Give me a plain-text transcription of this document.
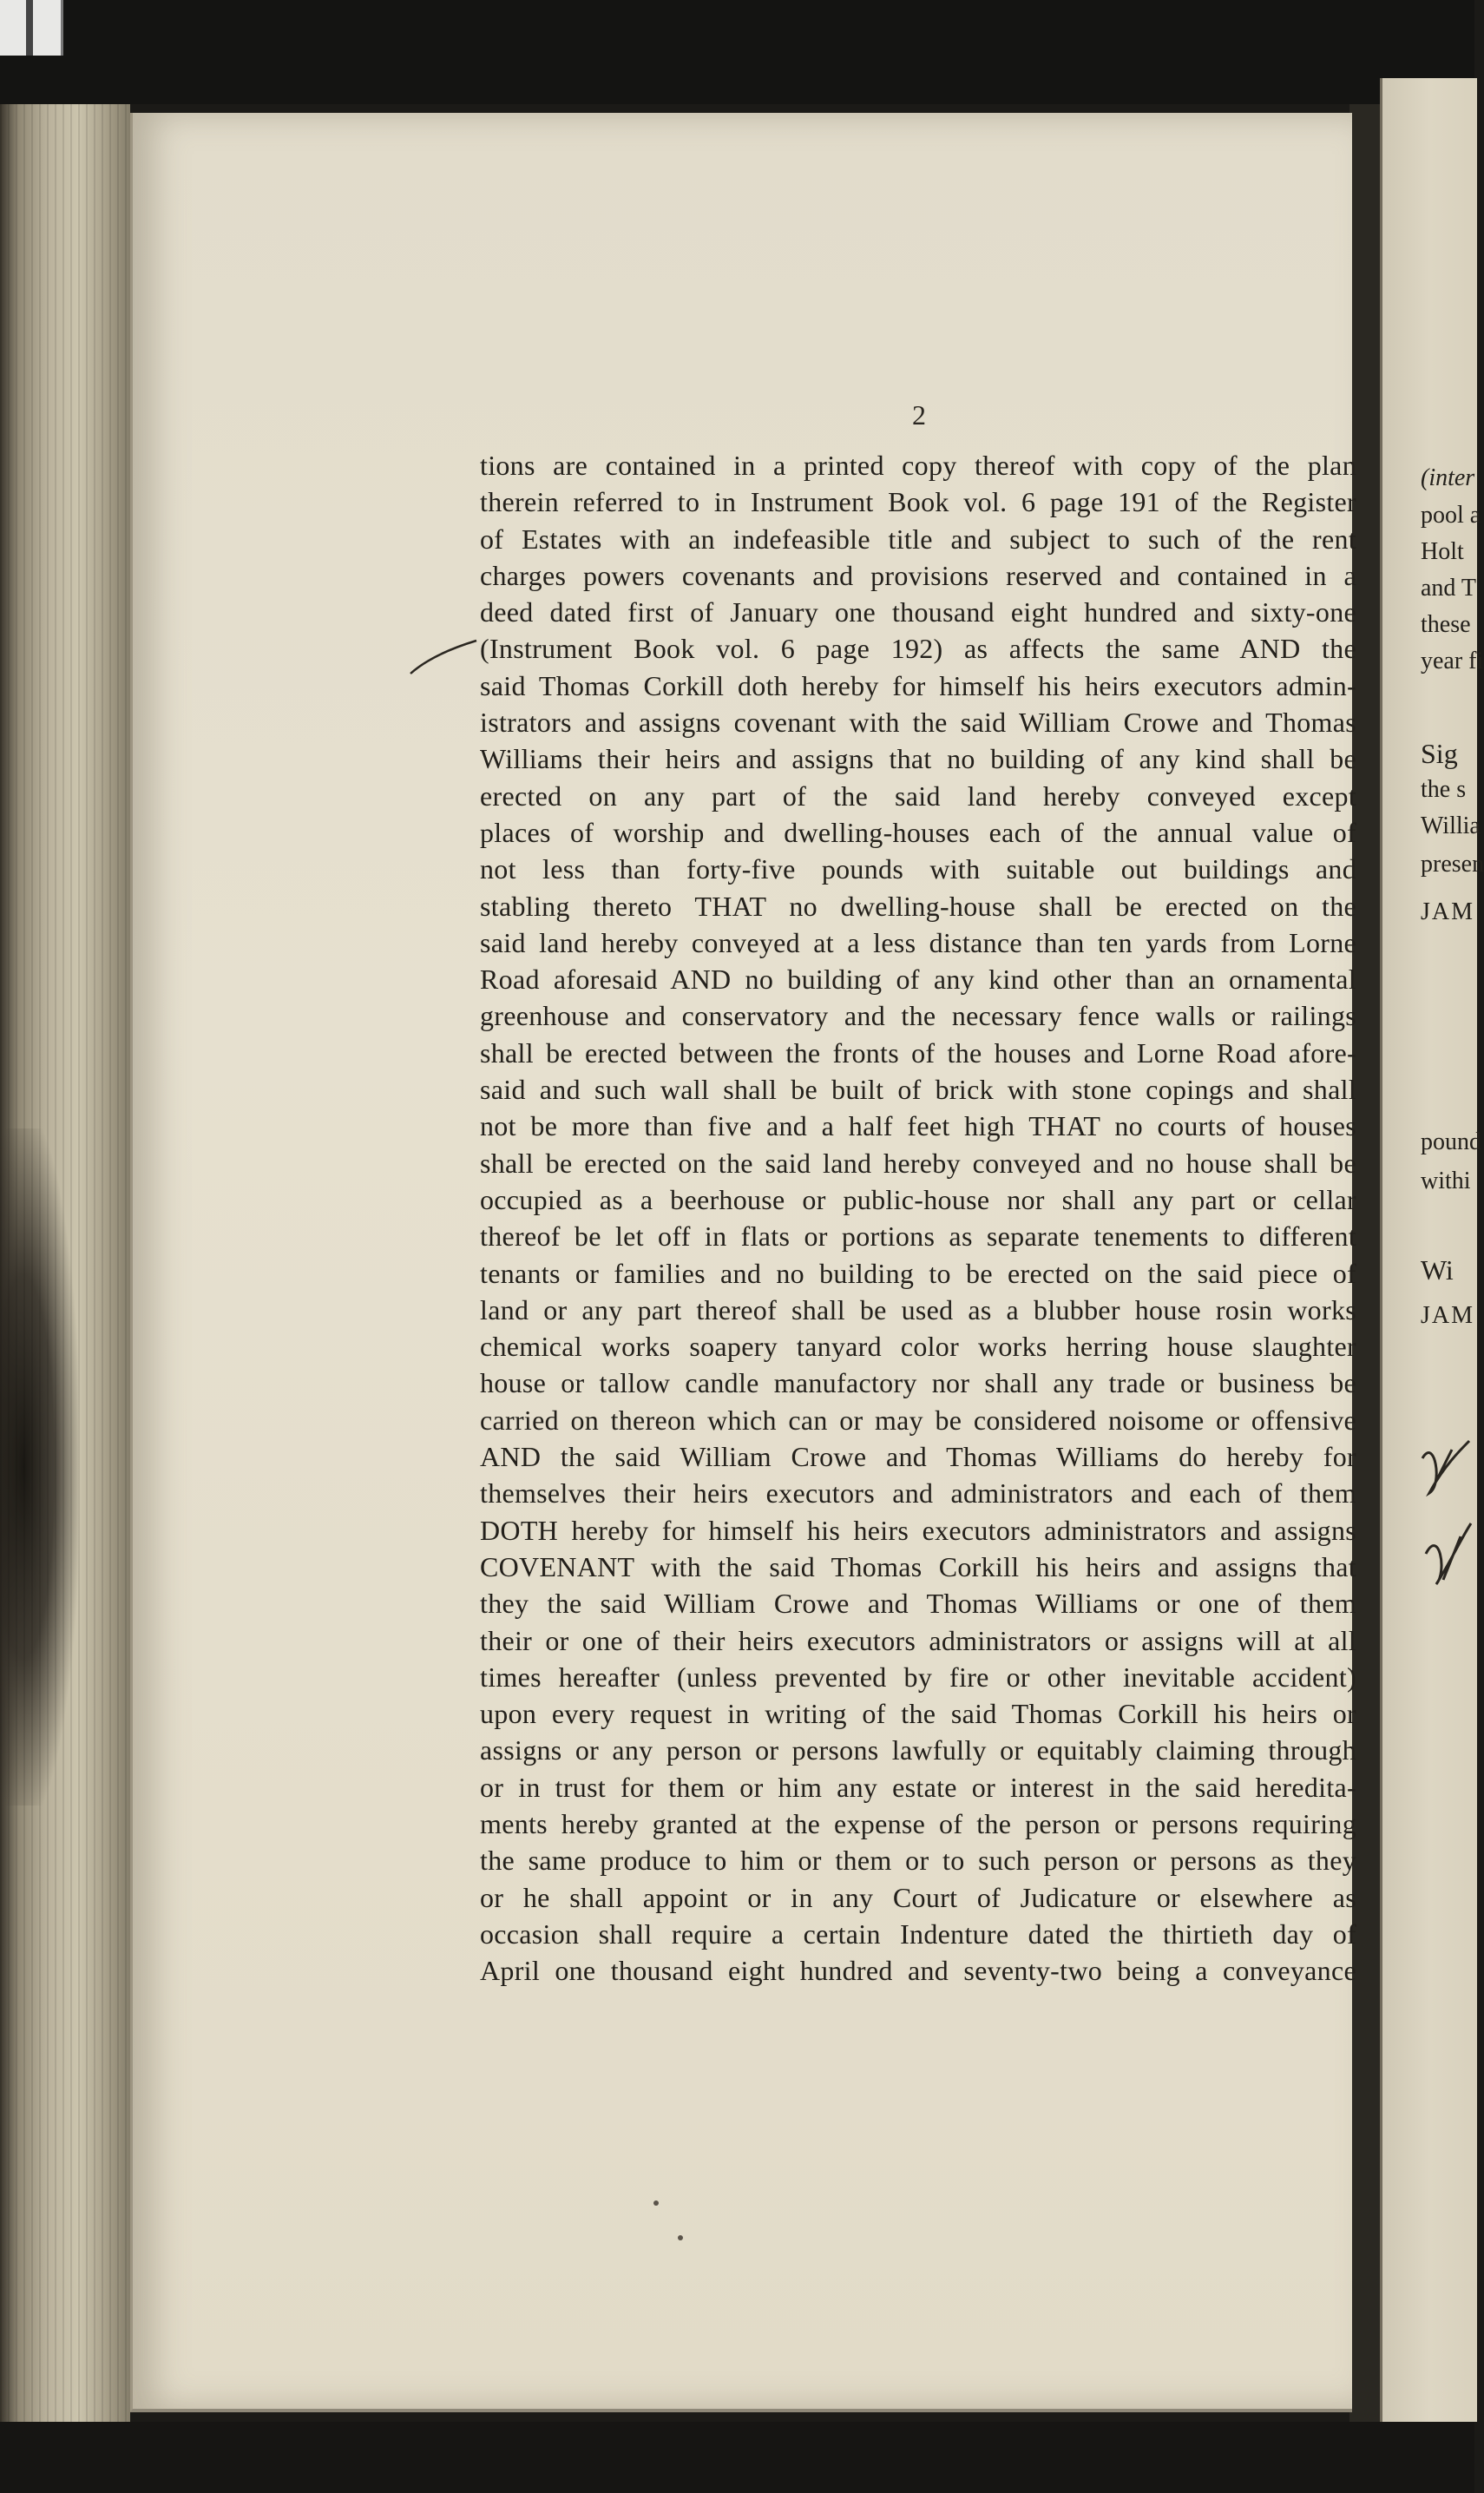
2
tions are contained in a printed copy thereof with copy of the plan
therein referred to in Instrument Book vol. 6 page 191 of the Register
of Estates with an indefeasible title and subject to such of the rent
charges powers covenants and provisions reserved and contained in a
deed dated first of January one thousand eight hundred and sixty-one
(Instrument Book vol. 6 page 192) as affects the same AND the
said Thomas Corkill doth hereby for himself his heirs executors admin-
istrators and assigns covenant with the said William Crowe and Thomas
Williams their heirs and assigns that no building of any kind shall be
erected on any part of the said land hereby conveyed except
places of worship and dwelling-houses each of the annual value of
not less than forty-five pounds with suitable out buildings and
stabling thereto THAT no dwelling-house shall be erected on the
said land hereby conveyed at a less distance than ten yards from Lorne
Road aforesaid AND no building of any kind other than an ornamental
greenhouse and conservatory and the necessary fence walls or railings
shall be erected between the fronts of the houses and Lorne Road afore-
said and such wall shall be built of brick with stone copings and shall
not be more than five and a half feet high THAT no courts of houses
shall be erected on the said land hereby conveyed and no house shall be
occupied as a beerhouse or public-house nor shall any part or cellar
thereof be let off in flats or portions as separate tenements to different
tenants or families and no building to be erected on the said piece of
land or any part thereof shall be used as a blubber house rosin works
chemical works soapery tanyard color works herring house slaughter
house or tallow candle manufactory nor shall any trade or business be
carried on thereon which can or may be considered noisome or offensive
AND the said William Crowe and Thomas Williams do hereby for
themselves their heirs executors and administrators and each of them
DOTH hereby for himself his heirs executors administrators and assigns
COVENANT with the said Thomas Corkill his heirs and assigns that
they the said William Crowe and Thomas Williams or one of them
their or one of their heirs executors administrators or assigns will at all
times hereafter (unless prevented by fire or other inevitable accident)
upon every request in writing of the said Thomas Corkill his heirs or
assigns or any person or persons lawfully or equitably claiming through
or in trust for them or him any estate or interest in the said heredita-
ments hereby granted at the expense of the person or persons requiring
the same produce to him or them or to such person or persons as they
or he shall appoint or in any Court of Judicature or elsewhere as
occasion shall require a certain Indenture dated the thirtieth day of
April one thousand eight hundred and seventy-two being a conveyance
(inter
pool a
Holt
and T
these
year fi
Sig
the s
Willia
presen
JAM
pound
withi
Wi
JAM
